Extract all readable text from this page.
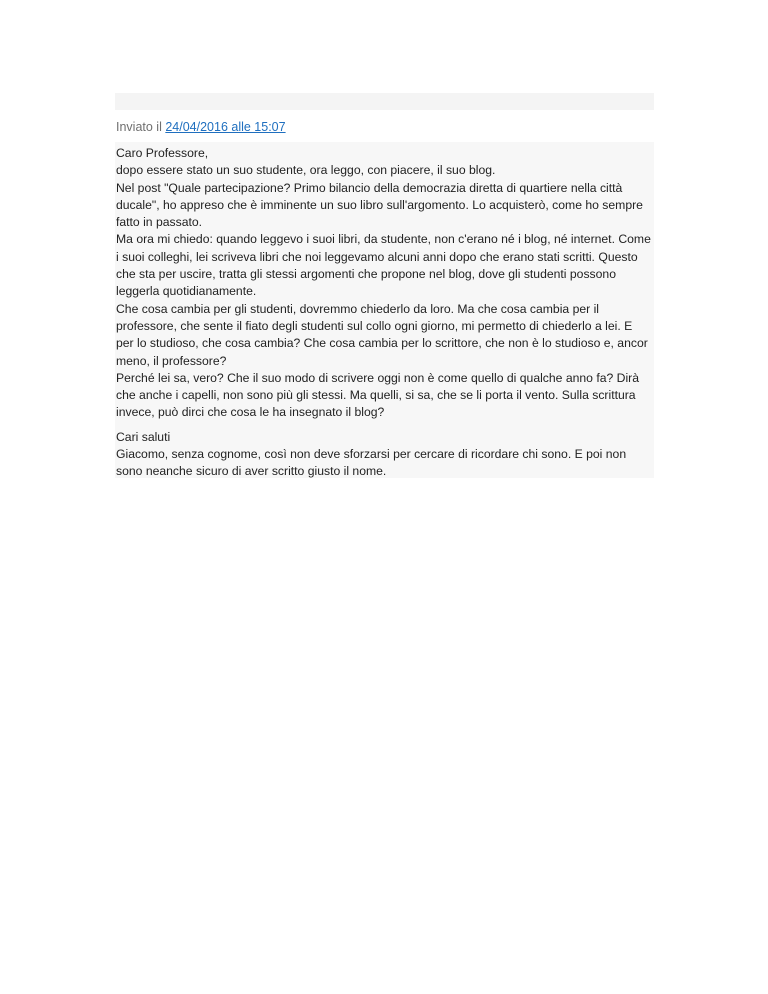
Inviato il 24/04/2016 alle 15:07

Caro Professore,
dopo essere stato un suo studente, ora leggo, con piacere, il suo blog.
Nel post "Quale partecipazione? Primo bilancio della democrazia diretta di quartiere nella città ducale", ho appreso che è imminente un suo libro sull'argomento. Lo acquisterò, come ho sempre fatto in passato.
Ma ora mi chiedo: quando leggevo i suoi libri, da studente, non c'erano né i blog, né internet. Come i suoi colleghi, lei scriveva libri che noi leggevamo alcuni anni dopo che erano stati scritti. Questo che sta per uscire, tratta gli stessi argomenti che propone nel blog, dove gli studenti possono leggerla quotidianamente.
Che cosa cambia per gli studenti, dovremmo chiederlo da loro. Ma che cosa cambia per il professore, che sente il fiato degli studenti sul collo ogni giorno, mi permetto di chiederlo a lei. E per lo studioso, che cosa cambia? Che cosa cambia per lo scrittore, che non è lo studioso e, ancor meno, il professore?
Perché lei sa, vero? Che il suo modo di scrivere oggi non è come quello di qualche anno fa? Dirà che anche i capelli, non sono più gli stessi. Ma quelli, si sa, che se li porta il vento. Sulla scrittura invece, può dirci che cosa le ha insegnato il blog?

Cari saluti
Giacomo, senza cognome, così non deve sforzarsi per cercare di ricordare chi sono. E poi non sono neanche sicuro di aver scritto giusto il nome.
